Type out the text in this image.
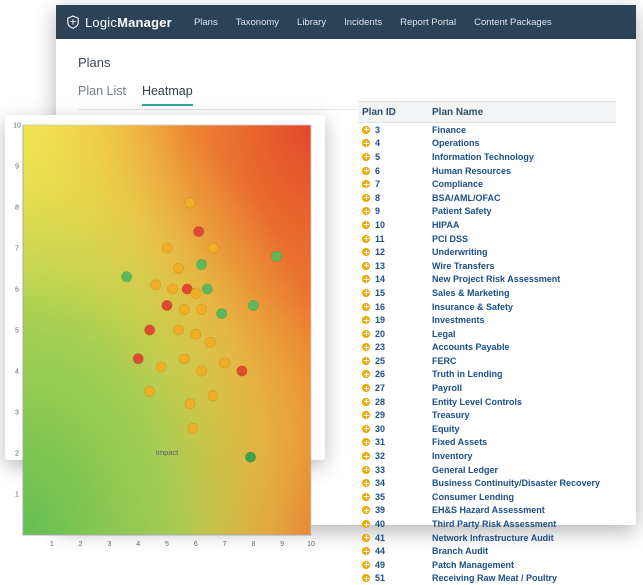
LogicManager Plans Taxonomy Library Incidents Report Portal Content Packages
Plans
Plan List Heatmap
Plan ID	Plan Name
3	Finance
4	Operations
5	Information Technology
6	Human Resources
7	Compliance
8	BSA/AML/OFAC
9	Patient Safety
10	HIPAA
11	PCI DSS
12	Underwriting
13	Wire Transfers
14	New Project Risk Assessment
15	Sales & Marketing
16	Insurance & Safety
19	Investments
20	Legal
23	Accounts Payable
25	FERC
26	Truth in Lending
27	Payroll
28	Entity Level Controls
29	Treasury
30	Equity
31	Fixed Assets
32	Inventory
33	General Ledger
34	Business Continuity/Disaster Recovery
35	Consumer Lending
39	EH&S Hazard Assessment
40	Third Party Risk Assessment
41	Network Infrastructure Audit
44	Branch Audit
49	Patch Management
51	Receiving Raw Meat / Poultry
1	2	3	4	5	6	7	8	9	10
1
2
3
4
5
6
7
8
9
10
Impact
